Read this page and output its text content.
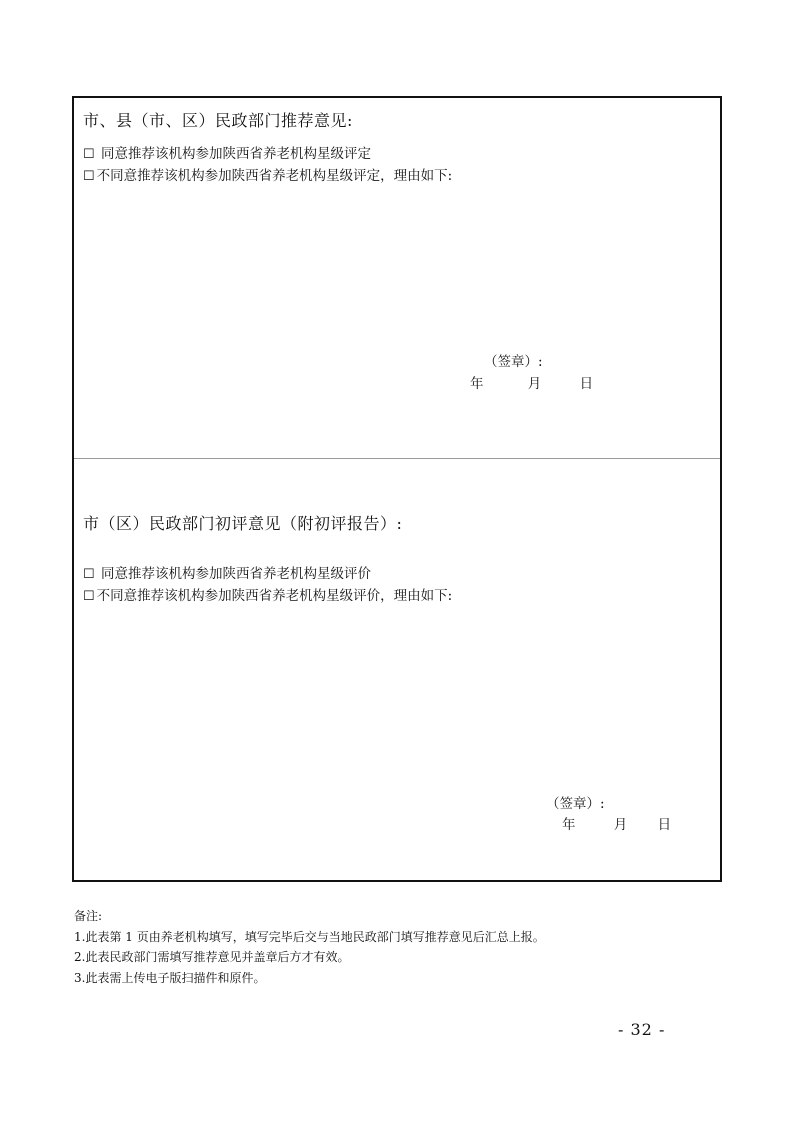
市、县（市、区）民政部门推荐意见:
☐ 同意推荐该机构参加陕西省养老机构星级评定
☐ 不同意推荐该机构参加陕西省养老机构星级评定，理由如下:
（签章）:
年	月	日
市（区）民政部门初评意见（附初评报告）:
☐ 同意推荐该机构参加陕西省养老机构星级评价
☐ 不同意推荐该机构参加陕西省养老机构星级评价，理由如下:
（签章）:
年	月 日
备注:
1.此表第 1 页由养老机构填写，填写完毕后交与当地民政部门填写推荐意见后汇总上报。
2.此表民政部门需填写推荐意见并盖章后方才有效。
3.此表需上传电子版扫描件和原件。
- 32 -
